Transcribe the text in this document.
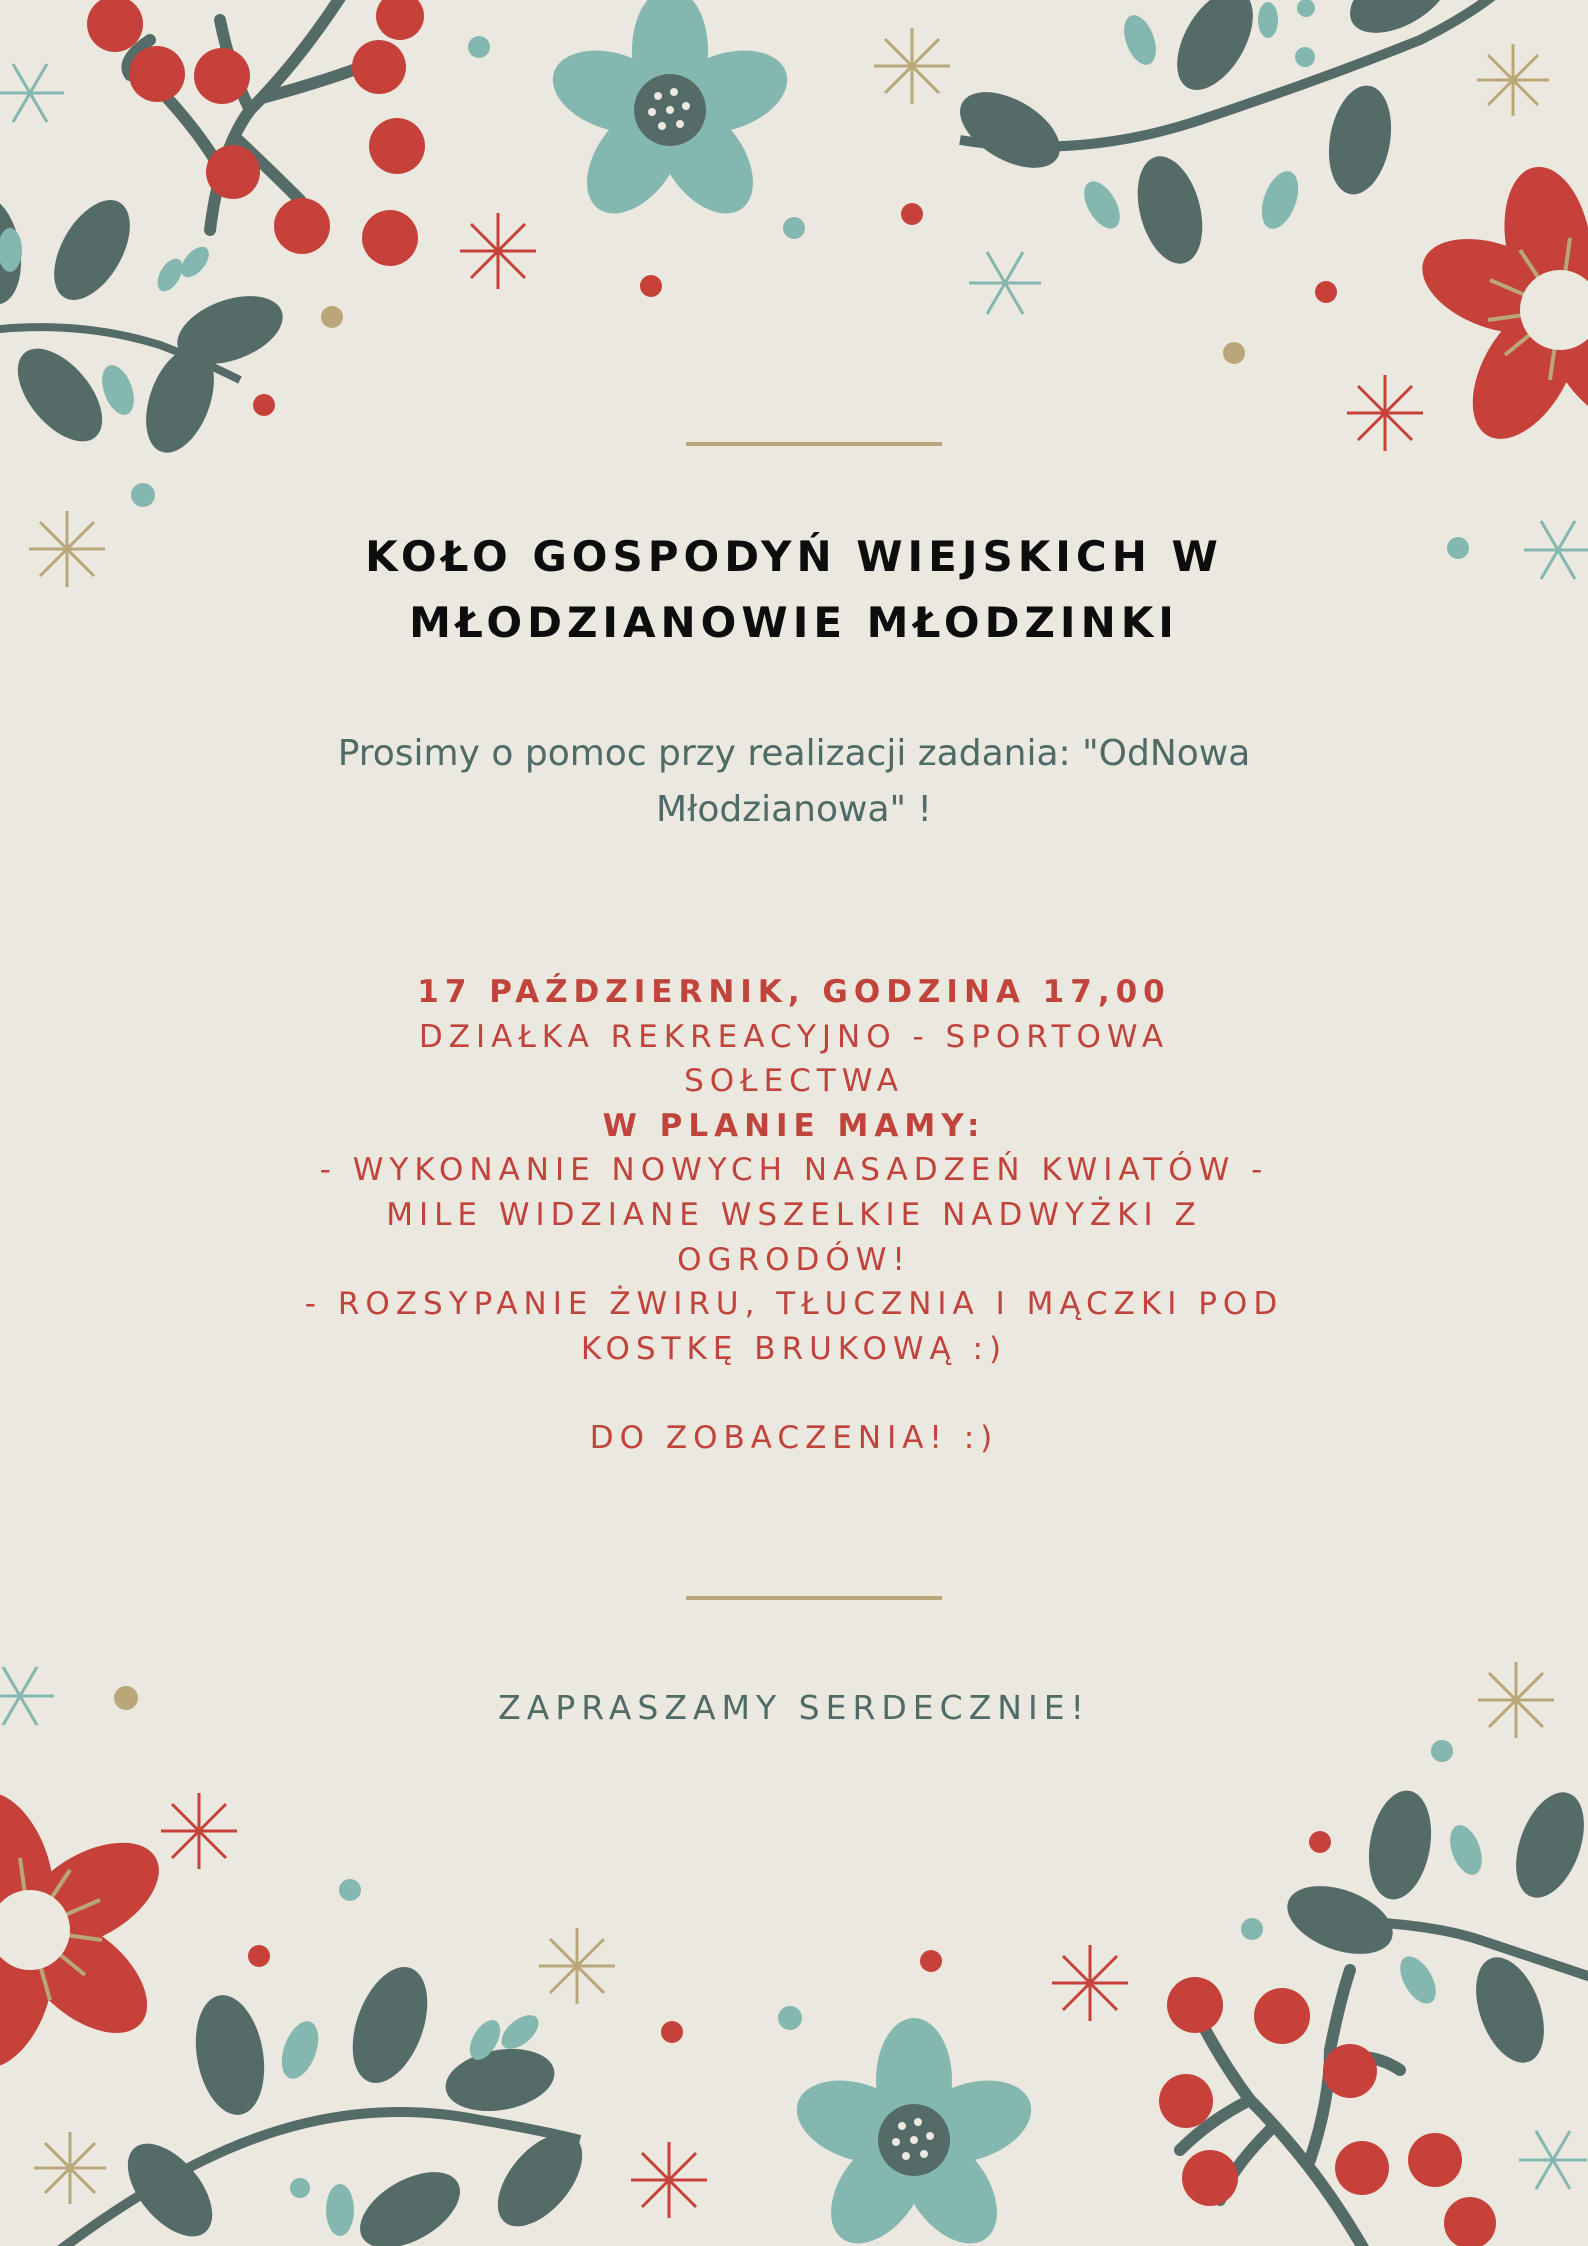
KOŁO GOSPODYŃ WIEJSKICH W
MŁODZIANOWIE MŁODZINKI

Prosimy o pomoc przy realizacji zadania: "OdNowa
Młodzianowa" !

17 PAŹDZIERNIK, GODZINA 17,00
DZIAŁKA REKREACYJNO - SPORTOWA
SOŁECTWA
W PLANIE MAMY:
- WYKONANIE NOWYCH NASADZEŃ KWIATÓW -
MILE WIDZIANE WSZELKIE NADWYŻKI Z
OGRODÓW!
- ROZSYPANIE ŻWIRU, TŁUCZNIA I MĄCZKI POD
KOSTKĘ BRUKOWĄ :)
DO ZOBACZENIA! :)
ZAPRASZAMY SERDECZNIE!
